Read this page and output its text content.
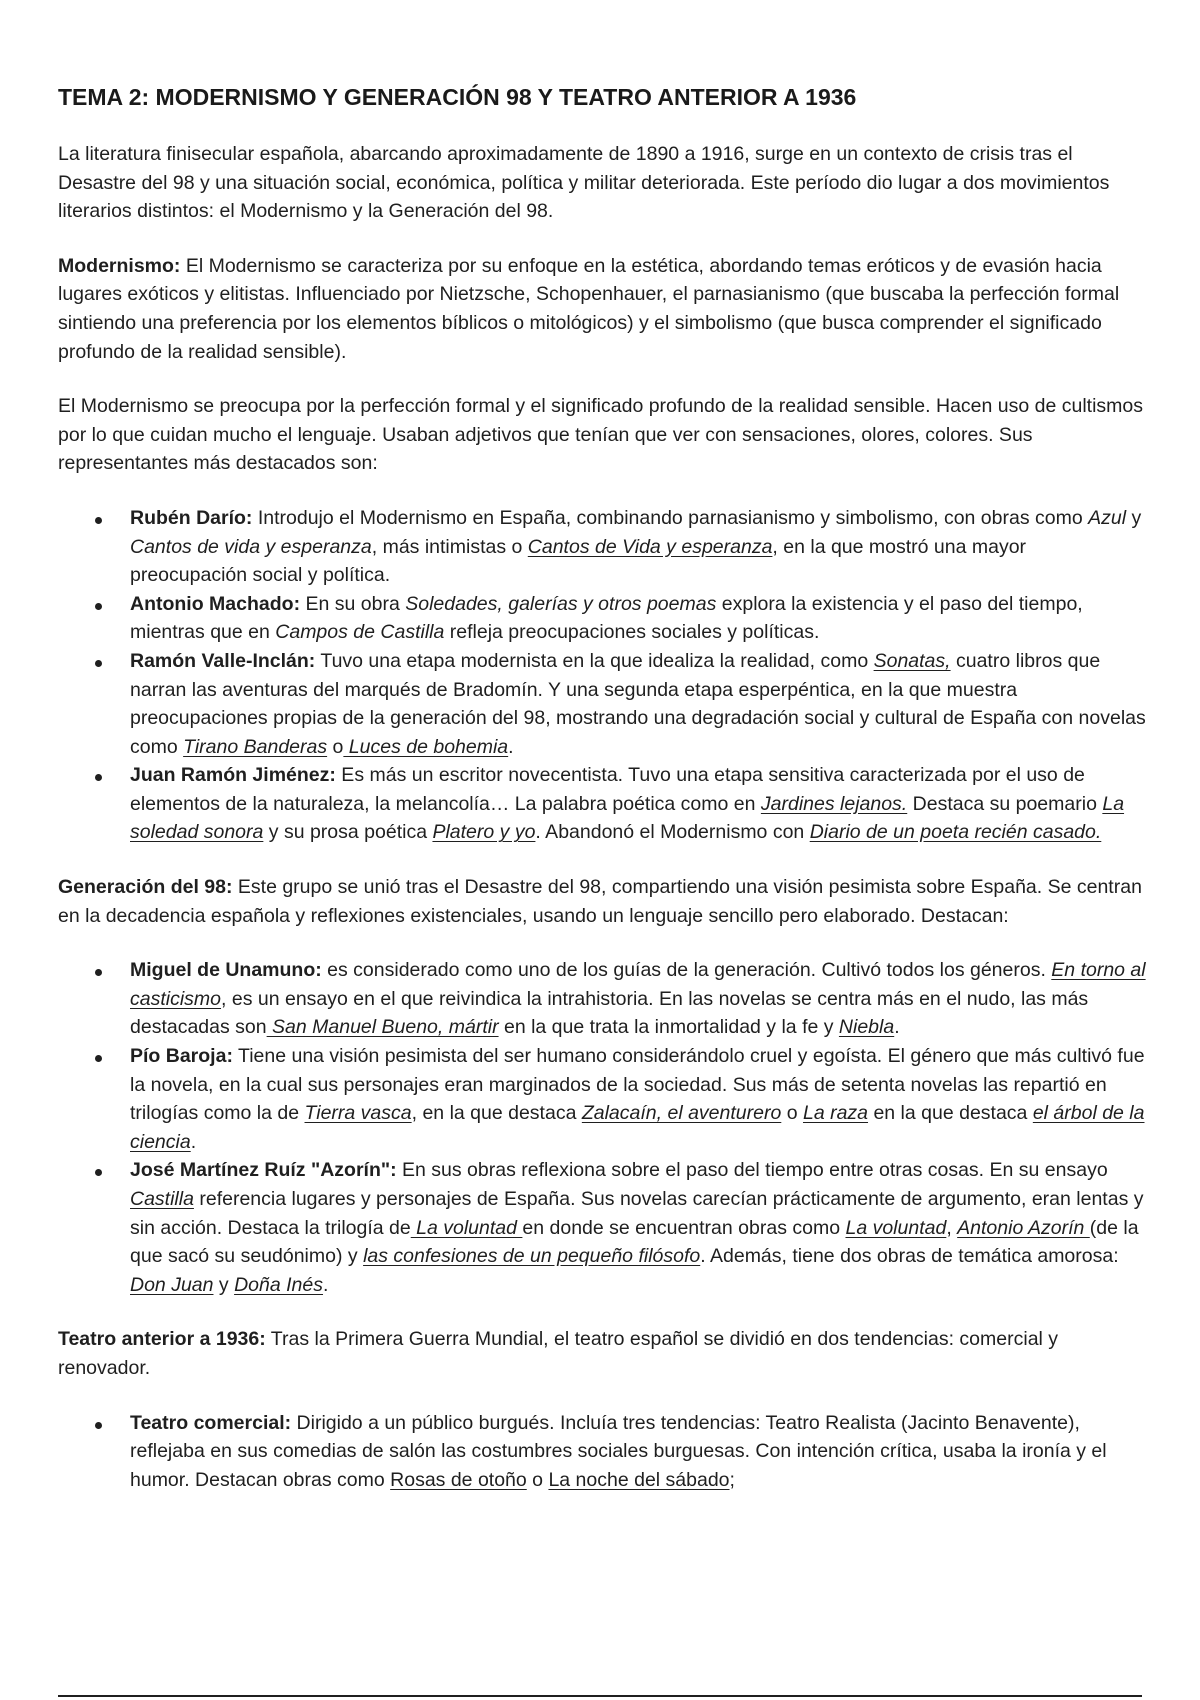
TEMA 2: MODERNISMO Y GENERACIÓN 98 Y TEATRO ANTERIOR A 1936

La literatura finisecular española, abarcando aproximadamente de 1890 a 1916, surge en un contexto de crisis tras el Desastre del 98 y una situación social, económica, política y militar deteriorada. Este período dio lugar a dos movimientos literarios distintos: el Modernismo y la Generación del 98.

Modernismo: El Modernismo se caracteriza por su enfoque en la estética, abordando temas eróticos y de evasión hacia lugares exóticos y elitistas. Influenciado por Nietzsche, Schopenhauer, el parnasianismo (que buscaba la perfección formal sintiendo una preferencia por los elementos bíblicos o mitológicos) y el simbolismo (que busca comprender el significado profundo de la realidad sensible).

El Modernismo se preocupa por la perfección formal y el significado profundo de la realidad sensible. Hacen uso de cultismos por lo que cuidan mucho el lenguaje. Usaban adjetivos que tenían que ver con sensaciones, olores, colores. Sus representantes más destacados son:

Rubén Darío: Introdujo el Modernismo en España, combinando parnasianismo y simbolismo, con obras como Azul y Cantos de vida y esperanza, más intimistas o Cantos de Vida y esperanza, en la que mostró una mayor preocupación social y política.
Antonio Machado: En su obra Soledades, galerías y otros poemas explora la existencia y el paso del tiempo, mientras que en Campos de Castilla refleja preocupaciones sociales y políticas.
Ramón Valle-Inclán: Tuvo una etapa modernista en la que idealiza la realidad, como Sonatas, cuatro libros que narran las aventuras del marqués de Bradomín. Y una segunda etapa esperpéntica, en la que muestra preocupaciones propias de la generación del 98, mostrando una degradación social y cultural de España con novelas como Tirano Banderas o Luces de bohemia.
Juan Ramón Jiménez: Es más un escritor novecentista. Tuvo una etapa sensitiva caracterizada por el uso de elementos de la naturaleza, la melancolía… La palabra poética como en Jardines lejanos. Destaca su poemario La soledad sonora y su prosa poética Platero y yo. Abandonó el Modernismo con Diario de un poeta recién casado.

Generación del 98: Este grupo se unió tras el Desastre del 98, compartiendo una visión pesimista sobre España. Se centran en la decadencia española y reflexiones existenciales, usando un lenguaje sencillo pero elaborado. Destacan:

Miguel de Unamuno: es considerado como uno de los guías de la generación. Cultivó todos los géneros. En torno al casticismo, es un ensayo en el que reivindica la intrahistoria. En las novelas se centra más en el nudo, las más destacadas son San Manuel Bueno, mártir en la que trata la inmortalidad y la fe y Niebla.
Pío Baroja: Tiene una visión pesimista del ser humano considerándolo cruel y egoísta. El género que más cultivó fue la novela, en la cual sus personajes eran marginados de la sociedad. Sus más de setenta novelas las repartió en trilogías como la de Tierra vasca, en la que destaca Zalacaín, el aventurero o La raza en la que destaca el árbol de la ciencia.
José Martínez Ruíz "Azorín": En sus obras reflexiona sobre el paso del tiempo entre otras cosas. En su ensayo Castilla referencia lugares y personajes de España. Sus novelas carecían prácticamente de argumento, eran lentas y sin acción. Destaca la trilogía de La voluntad en donde se encuentran obras como La voluntad, Antonio Azorín (de la que sacó su seudónimo) y las confesiones de un pequeño filósofo. Además, tiene dos obras de temática amorosa: Don Juan y Doña Inés.

Teatro anterior a 1936: Tras la Primera Guerra Mundial, el teatro español se dividió en dos tendencias: comercial y renovador.

Teatro comercial: Dirigido a un público burgués. Incluía tres tendencias: Teatro Realista (Jacinto Benavente), reflejaba en sus comedias de salón las costumbres sociales burguesas. Con intención crítica, usaba la ironía y el humor. Destacan obras como Rosas de otoño o La noche del sábado;
